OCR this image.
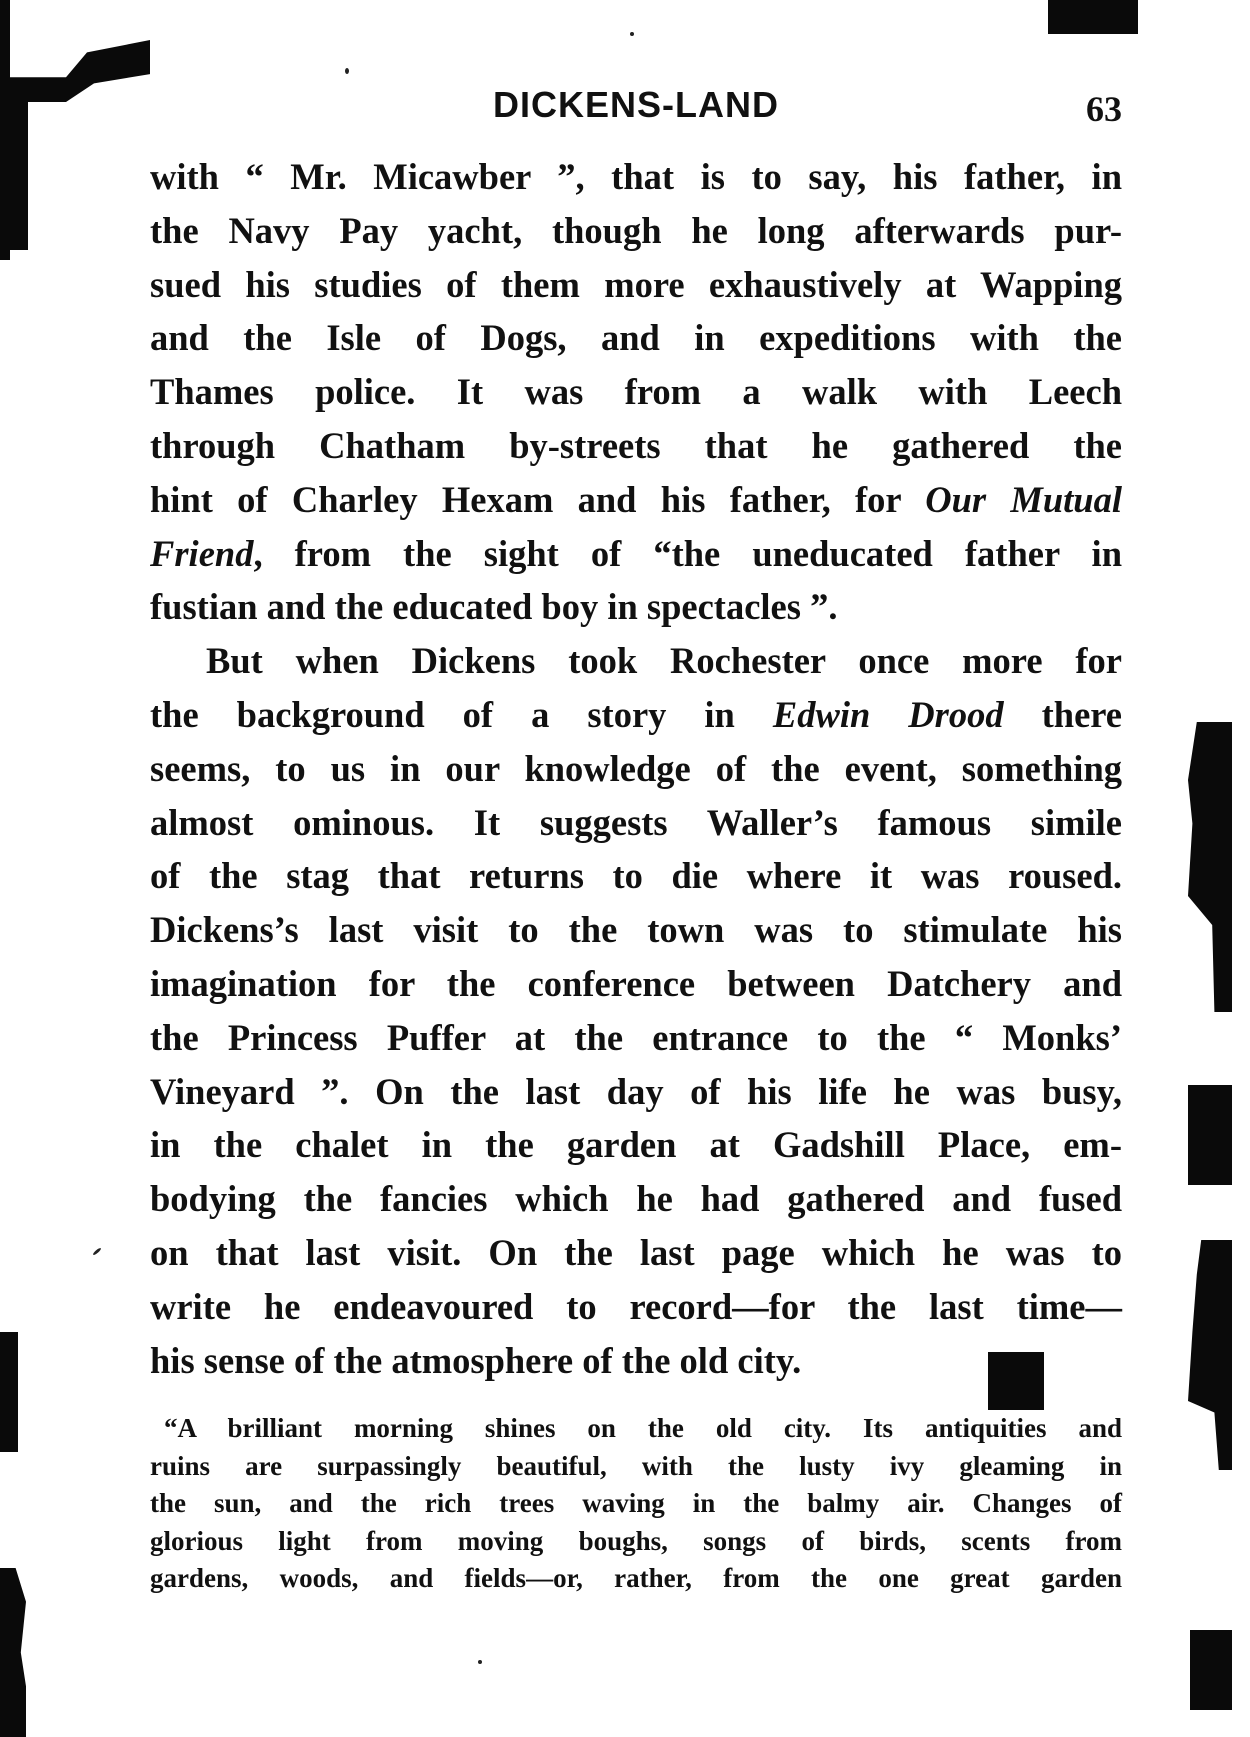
DICKENS-LAND	63
with “ Mr. Micawber ”, that is to say, his father, in
the Navy Pay yacht, though he long afterwards pur-
sued his studies of them more exhaustively at Wapping
and the Isle of Dogs, and in expeditions with the
Thames police. It was from a walk with Leech
through Chatham by-streets that he gathered the
hint of Charley Hexam and his father, for Our Mutual
Friend, from the sight of “the uneducated father in
fustian and the educated boy in spectacles ”.
But when Dickens took Rochester once more for
the background of a story in Edwin Drood there
seems, to us in our knowledge of the event, something
almost ominous. It suggests Waller’s famous simile
of the stag that returns to die where it was roused.
Dickens’s last visit to the town was to stimulate his
imagination for the conference between Datchery and
the Princess Puffer at the entrance to the “ Monks’
Vineyard ”. On the last day of his life he was busy,
in the chalet in the garden at Gadshill Place, em-
bodying the fancies which he had gathered and fused
on that last visit. On the last page which he was to
write he endeavoured to record—for the last time—
his sense of the atmosphere of the old city.
“A brilliant morning shines on the old city. Its antiquities and
ruins are surpassingly beautiful, with the lusty ivy gleaming in
the sun, and the rich trees waving in the balmy air. Changes of
glorious light from moving boughs, songs of birds, scents from
gardens, woods, and fields—or, rather, from the one great garden
